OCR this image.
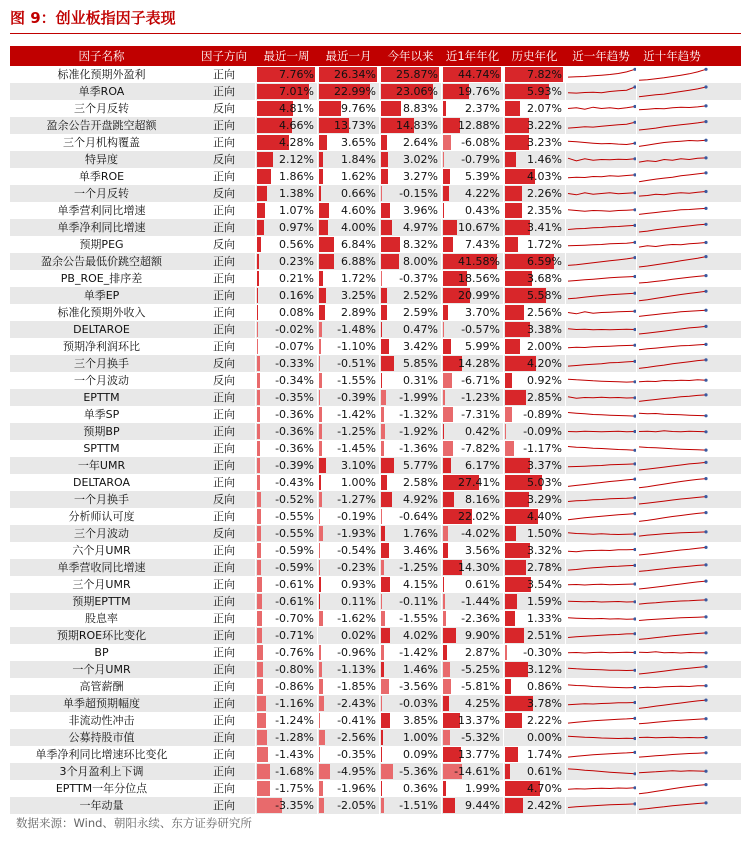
图 9：创业板指因子表现
因子名称	因子方向	最近一周	最近一月	今年以来	近1年年化	历史年化	近一年趋势	近十年趋势
标准化预期外盈利	正向	7.76%	26.34%	25.87%	44.74%	7.82%
单季ROA	正向	7.01%	22.99%	23.06%	19.76%	5.93%
三个月反转	反向	4.81%	9.76%	8.83%	2.37%	2.07%
盈余公告开盘跳空超额	正向	4.66%	13.73%	14.83%	12.88%	3.22%
三个月机构覆盖	正向	4.28%	3.65%	2.64%	-6.08%	3.23%
特异度	反向	2.12%	1.84%	3.02%	-0.79%	1.46%
单季ROE	正向	1.86%	1.62%	3.27%	5.39%	4.03%
一个月反转	反向	1.38%	0.66%	-0.15%	4.22%	2.26%
单季营利同比增速	正向	1.07%	4.60%	3.96%	0.43%	2.35%
单季净利同比增速	正向	0.97%	4.00%	4.97%	10.67%	3.41%
预期PEG	反向	0.56%	6.84%	8.32%	7.43%	1.72%
盈余公告最低价跳空超额	正向	0.23%	6.88%	8.00%	41.58%	6.59%
PB_ROE_排序差	正向	0.21%	1.72%	-0.37%	18.56%	3.68%
单季EP	正向	0.16%	3.25%	2.52%	20.99%	5.58%
标准化预期外收入	正向	0.08%	2.89%	2.59%	3.70%	2.56%
DELTAROE	正向	-0.02%	-1.48%	0.47%	-0.57%	3.38%
预期净利润环比	正向	-0.07%	-1.10%	3.42%	5.99%	2.00%
三个月换手	反向	-0.33%	-0.51%	5.85%	14.28%	4.20%
一个月波动	反向	-0.34%	-1.55%	0.31%	-6.71%	0.92%
EPTTM	正向	-0.35%	-0.39%	-1.99%	-1.23%	2.85%
单季SP	正向	-0.36%	-1.42%	-1.32%	-7.31%	-0.89%
预期BP	正向	-0.36%	-1.25%	-1.92%	0.42%	-0.09%
SPTTM	正向	-0.36%	-1.45%	-1.36%	-7.82%	-1.17%
一年UMR	正向	-0.39%	3.10%	5.77%	6.17%	3.37%
DELTAROA	正向	-0.43%	1.00%	2.58%	27.41%	5.03%
一个月换手	反向	-0.52%	-1.27%	4.92%	8.16%	3.29%
分析师认可度	正向	-0.55%	-0.19%	-0.64%	22.02%	4.40%
三个月波动	反向	-0.55%	-1.93%	1.76%	-4.02%	1.50%
六个月UMR	正向	-0.59%	-0.54%	3.46%	3.56%	3.32%
单季营收同比增速	正向	-0.59%	-0.23%	-1.25%	14.30%	2.78%
三个月UMR	正向	-0.61%	0.93%	4.15%	0.61%	3.54%
预期EPTTM	正向	-0.61%	0.11%	-0.11%	-1.44%	1.59%
股息率	正向	-0.70%	-1.62%	-1.55%	-2.36%	1.33%
预期ROE环比变化	正向	-0.71%	0.02%	4.02%	9.90%	2.51%
BP	正向	-0.76%	-0.96%	-1.42%	2.87%	-0.30%
一个月UMR	正向	-0.80%	-1.13%	1.46%	-5.25%	3.12%
高管薪酬	正向	-0.86%	-1.85%	-3.56%	-5.81%	0.86%
单季超预期幅度	正向	-1.16%	-2.43%	-0.03%	4.25%	3.78%
非流动性冲击	正向	-1.24%	-0.41%	3.85%	13.37%	2.22%
公募持股市值	正向	-1.28%	-2.56%	1.00%	-5.32%	0.00%
单季净利同比增速环比变化	正向	-1.43%	-0.35%	0.09%	13.77%	1.74%
3个月盈利上下调	正向	-1.68%	-4.95%	-5.36%	-14.61%	0.61%
EPTTM一年分位点	正向	-1.75%	-1.96%	0.36%	1.99%	4.70%
一年动量	正向	-3.35%	-2.05%	-1.51%	9.44%	2.42%
数据来源：Wind、朝阳永续、东方证券研究所
